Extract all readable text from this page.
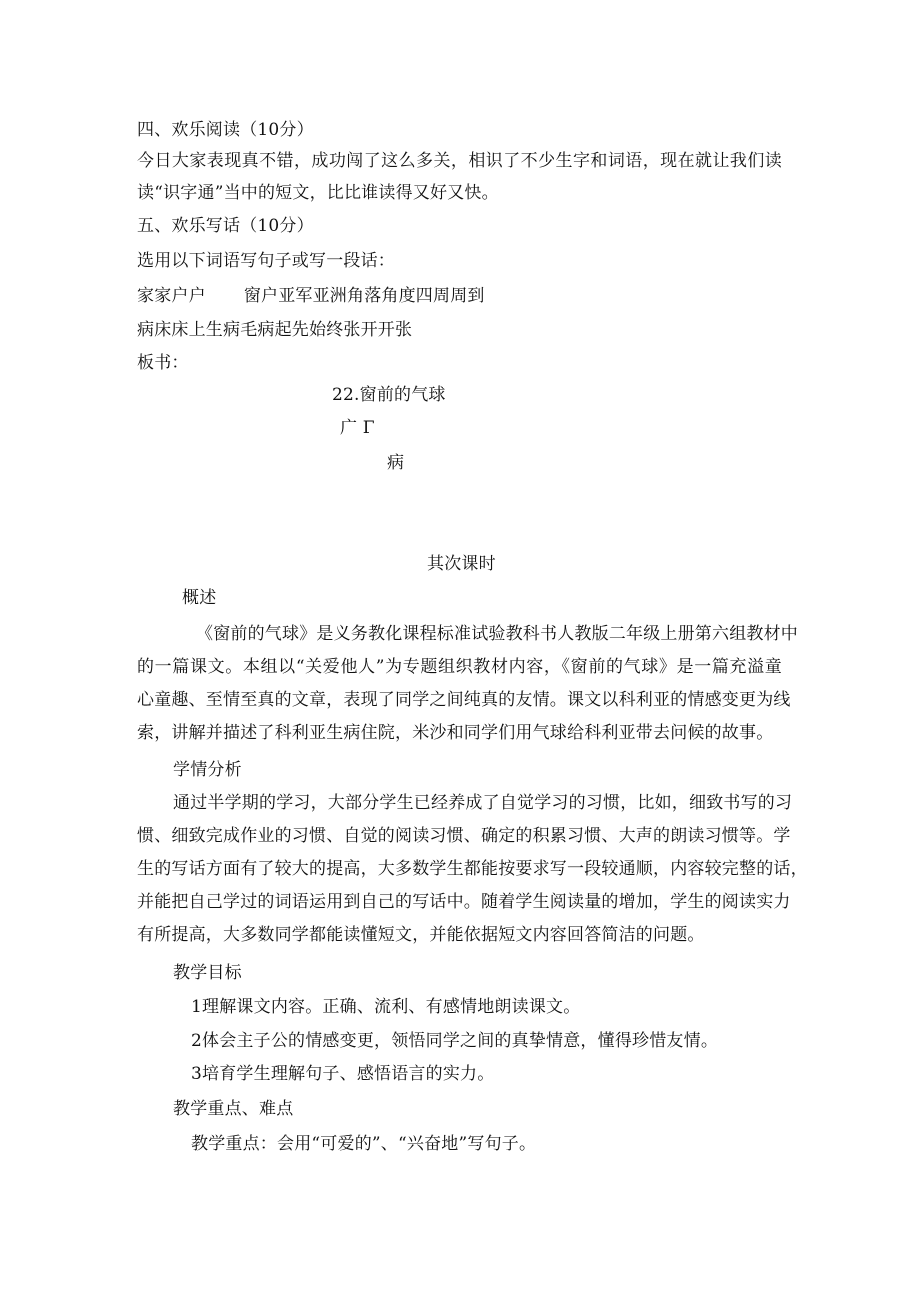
四、欢乐阅读（10分）
今日大家表现真不错，成功闯了这么多关，相识了不少生字和词语，现在就让我们读
读“识字通”当中的短文，比比谁读得又好又快。
五、欢乐写话（10分）
选用以下词语写句子或写一段话：
家家户户 窗户亚军亚洲角落角度四周周到
病床床上生病毛病起先始终张开开张
板书：
22.窗前的气球
广 Γ
病
其次课时
概述
《窗前的气球》是义务教化课程标准试验教科书人教版二年级上册第六组教材中
的一篇课文。本组以“关爱他人”为专题组织教材内容，《窗前的气球》是一篇充溢童
心童趣、至情至真的文章，表现了同学之间纯真的友情。课文以科利亚的情感变更为线
索，讲解并描述了科利亚生病住院，米沙和同学们用气球给科利亚带去问候的故事。
学情分析
通过半学期的学习，大部分学生已经养成了自觉学习的习惯，比如，细致书写的习
惯、细致完成作业的习惯、自觉的阅读习惯、确定的积累习惯、大声的朗读习惯等。学
生的写话方面有了较大的提高，大多数学生都能按要求写一段较通顺，内容较完整的话，
并能把自己学过的词语运用到自己的写话中。随着学生阅读量的增加，学生的阅读实力
有所提高，大多数同学都能读懂短文，并能依据短文内容回答简洁的问题。
教学目标
1理解课文内容。正确、流利、有感情地朗读课文。
2体会主子公的情感变更，领悟同学之间的真挚情意，懂得珍惜友情。
3培育学生理解句子、感悟语言的实力。
教学重点、难点
教学重点：会用“可爱的”、“兴奋地”写句子。
